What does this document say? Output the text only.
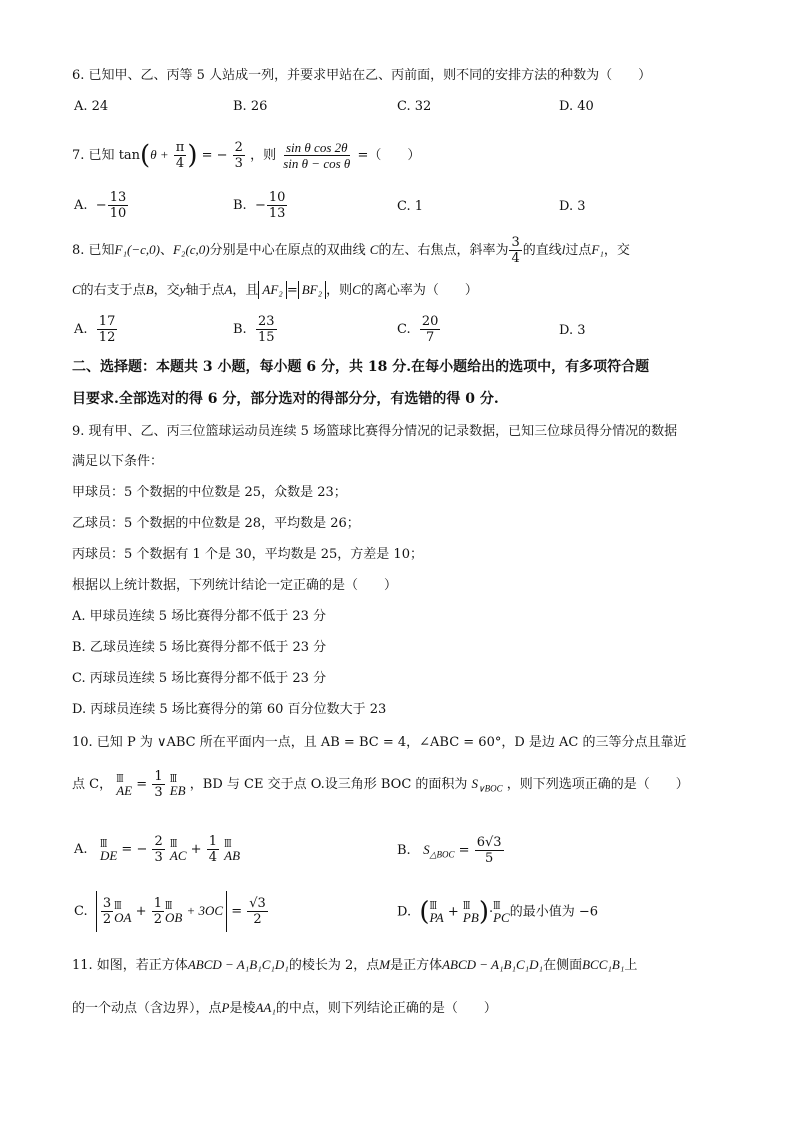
6. 已知甲、乙、丙等 5 人站成一列，并要求甲站在乙、丙前面，则不同的安排方法的种数为（　　）
A. 24	B. 26	C. 32	D. 40
7. 已知 $\tan(\theta + \frac{\pi}{4}$ ) = − $\frac{2}{3}$ ，则 $\frac{\text{sin θ cos 2θ}}{\text{sin θ − cos θ}}$ =（　　）
A.  − $\frac{13}{10}$	B.  − $\frac{10}{13}$	C. 1	D. 3
8. 已知F₁(−c,0)、F₂(c,0)分别是中心在原点的双曲线 C的左、右焦点，斜率为 $\frac{3}{4}$ 的直线l过点F₁，交
C的右支于点B，交y轴于点A，且 AF₂ = BF₂ ，则C的离心率为（　　）
A. $\frac{17}{12}$	B. $\frac{23}{15}$	C. $\frac{20}{7}$	D. 3
二、选择题：本题共 3 小题，每小题 6 分，共 18 分.在每小题给出的选项中，有多项符合题
目要求.全部选对的得 6 分，部分选对的得部分分，有选错的得 0 分.
9. 现有甲、乙、丙三位篮球运动员连续 5 场篮球比赛得分情况的记录数据，已知三位球员得分情况的数据
满足以下条件：
甲球员：5 个数据的中位数是 25，众数是 23；
乙球员：5 个数据的中位数是 28，平均数是 26；
丙球员：5 个数据有 1 个是 30，平均数是 25，方差是 10；
根据以上统计数据，下列统计结论一定正确的是（　　）
A. 甲球员连续 5 场比赛得分都不低于 23 分
B. 乙球员连续 5 场比赛得分都不低于 23 分
C. 丙球员连续 5 场比赛得分都不低于 23 分
D. 丙球员连续 5 场比赛得分的第 60 百分位数大于 23
10. 已知 P 为 ∨ABC 所在平面内一点，且 AB = BC = 4，∠ABC = 60°，D 是边 AC 的三等分点且靠近
点 C， ꟾꟾꟾ
AE = $\frac{1}{3}$
ꟾꟾꟾ
EB ，BD 与 CE 交于点 O.设三角形 BOC 的面积为 $S_{\vee BOC}$ ，则下列选项正确的是（　　）
A. ꟾꟾꟾ
DE = − $\frac{2}{3}$
ꟾꟾꟾ
AC + $\frac{1}{4}$
ꟾꟾꟾ
AB	B. $S_{\triangle BOC} = \frac{6√3}{5}$
C. $\frac{3}{2}$ ꟾꟾꟾ
OA + $\frac{1}{2}$ ꟾꟾꟾ
OB + $3OC = \frac{√3}{2}$	D. ( ꟾꟾꟾ
PA + ꟾꟾꟾ
PB )· ꟾꟾꟾ
PC 的最小值为 −6
11. 如图，若正方体ABCD − A₁B₁C₁D₁的棱长为 2，点M是正方体ABCD − A₁B₁C₁D₁在侧面BCC₁B₁上
的一个动点（含边界），点P是棱AA₁的中点，则下列结论正确的是（　　）
